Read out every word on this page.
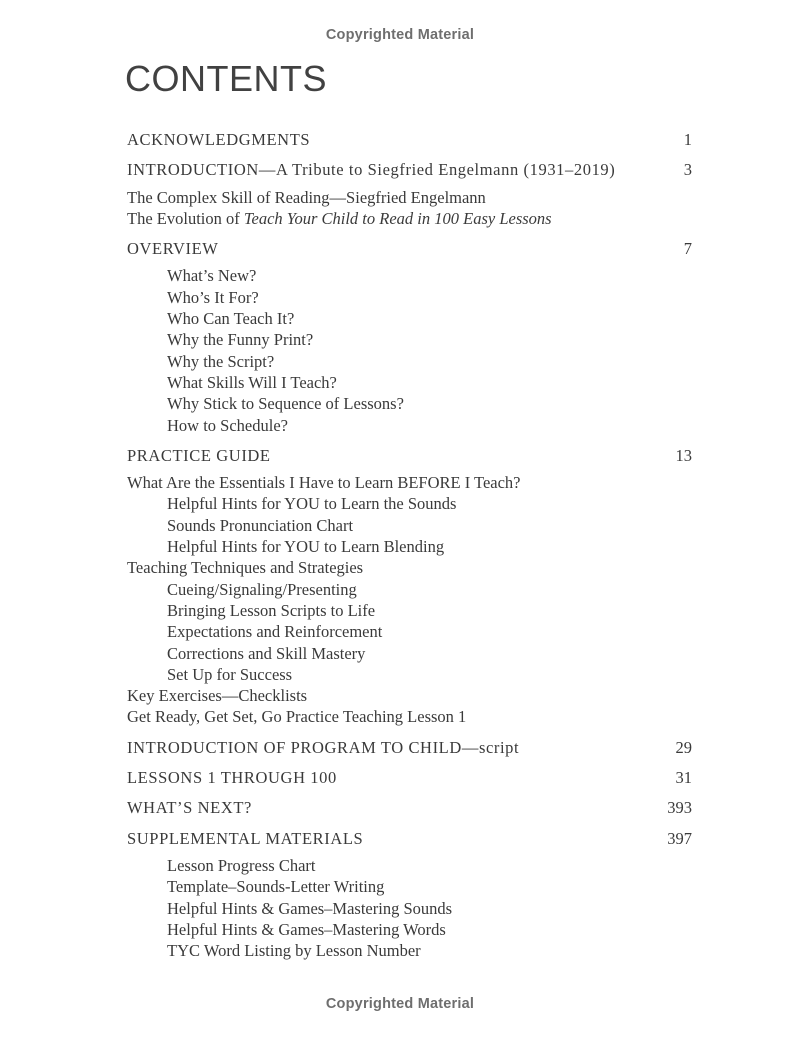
Copyrighted Material
CONTENTS
ACKNOWLEDGMENTS	1
INTRODUCTION—A Tribute to Siegfried Engelmann (1931–2019)	3
The Complex Skill of Reading—Siegfried Engelmann
The Evolution of Teach Your Child to Read in 100 Easy Lessons
OVERVIEW	7
What’s New?
Who’s It For?
Who Can Teach It?
Why the Funny Print?
Why the Script?
What Skills Will I Teach?
Why Stick to Sequence of Lessons?
How to Schedule?
PRACTICE GUIDE	13
What Are the Essentials I Have to Learn BEFORE I Teach?
Helpful Hints for YOU to Learn the Sounds
Sounds Pronunciation Chart
Helpful Hints for YOU to Learn Blending
Teaching Techniques and Strategies
Cueing/Signaling/Presenting
Bringing Lesson Scripts to Life
Expectations and Reinforcement
Corrections and Skill Mastery
Set Up for Success
Key Exercises—Checklists
Get Ready, Get Set, Go Practice Teaching Lesson 1
INTRODUCTION OF PROGRAM TO CHILD—script	29
LESSONS 1 THROUGH 100	31
WHAT’S NEXT?	393
SUPPLEMENTAL MATERIALS	397
Lesson Progress Chart
Template–Sounds-Letter Writing
Helpful Hints & Games–Mastering Sounds
Helpful Hints & Games–Mastering Words
TYC Word Listing by Lesson Number
Copyrighted Material
